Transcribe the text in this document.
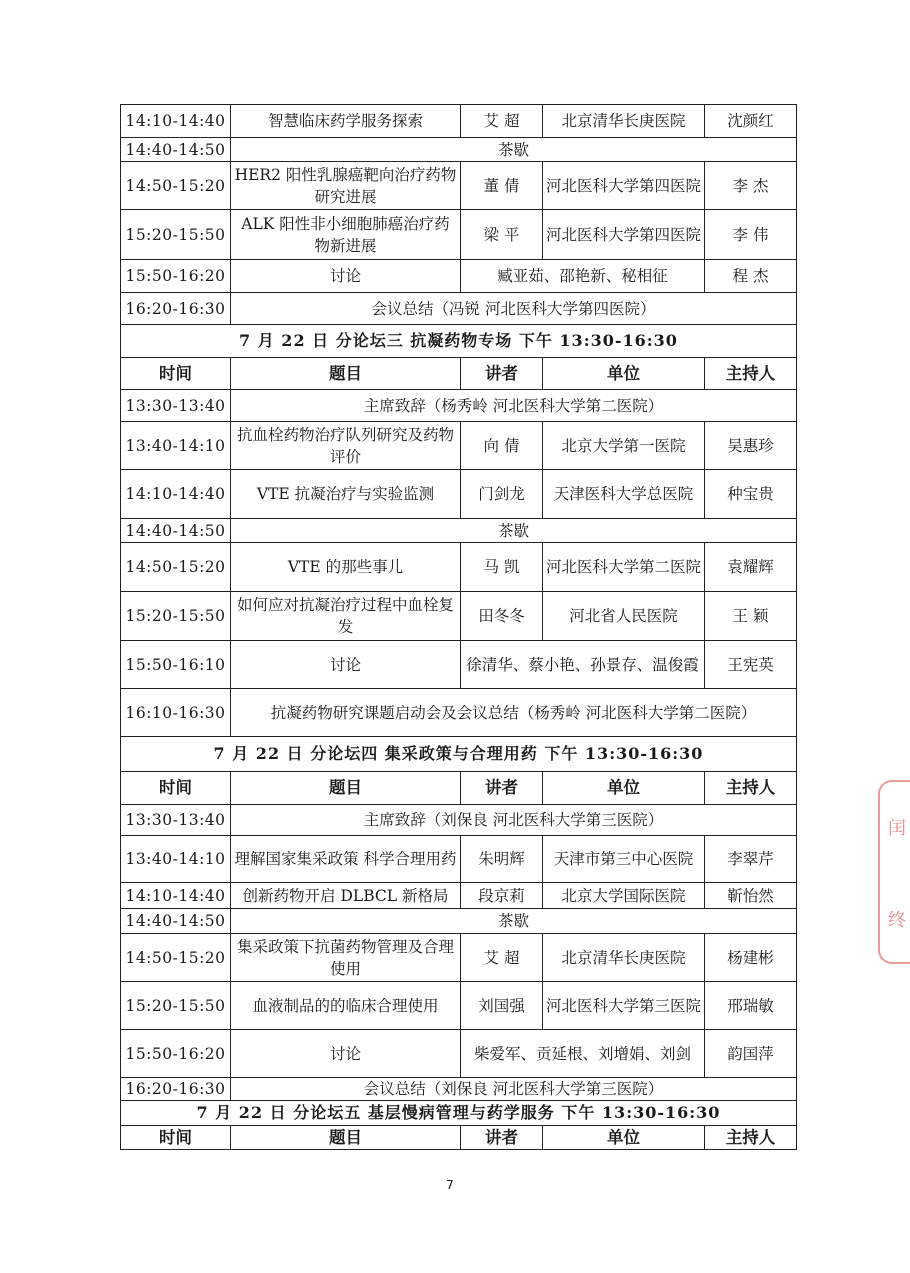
14:10-14:40	智慧临床药学服务探索	艾 超	北京清华长庚医院	沈颜红
14:40-14:50	茶歇			
14:50-15:20	HER2 阳性乳腺癌靶向治疗药物研究进展	董 倩	河北医科大学第四医院	李 杰
15:20-15:50	ALK 阳性非小细胞肺癌治疗药物新进展	梁 平	河北医科大学第四医院	李 伟
15:50-16:20	讨论	臧亚茹、邵艳新、秘相征		程 杰
16:20-16:30	会议总结（冯锐 河北医科大学第四医院）			
7 月 22 日 分论坛三 抗凝药物专场 下午 13:30-16:30				
时间	题目	讲者	单位	主持人
13:30-13:40	主席致辞（杨秀岭 河北医科大学第二医院）			
13:40-14:10	抗血栓药物治疗队列研究及药物评价	向 倩	北京大学第一医院	吴惠珍
14:10-14:40	VTE 抗凝治疗与实验监测	门剑龙	天津医科大学总医院	种宝贵
14:40-14:50	茶歇			
14:50-15:20	VTE 的那些事儿	马 凯	河北医科大学第二医院	袁耀辉
15:20-15:50	如何应对抗凝治疗过程中血栓复发	田冬冬	河北省人民医院	王 颖
15:50-16:10	讨论	徐清华、蔡小艳、孙景存、温俊霞		王宪英
16:10-16:30	抗凝药物研究课题启动会及会议总结（杨秀岭 河北医科大学第二医院）			
7 月 22 日 分论坛四 集采政策与合理用药 下午 13:30-16:30				
时间	题目	讲者	单位	主持人
13:30-13:40	主席致辞（刘保良 河北医科大学第三医院）			
13:40-14:10	理解国家集采政策 科学合理用药	朱明辉	天津市第三中心医院	李翠芹
14:10-14:40	创新药物开启 DLBCL 新格局	段京莉	北京大学国际医院	靳怡然
14:40-14:50	茶歇			
14:50-15:20	集采政策下抗菌药物管理及合理使用	艾 超	北京清华长庚医院	杨建彬
15:20-15:50	血液制品的的临床合理使用	刘国强	河北医科大学第三医院	邢瑞敏
15:50-16:20	讨论	柴爱军、贡延根、刘增娟、刘剑		韵国萍
16:20-16:30	会议总结（刘保良 河北医科大学第三医院）			
7 月 22 日 分论坛五 基层慢病管理与药学服务 下午 13:30-16:30				
时间	题目	讲者	单位	主持人
闰
终
7
